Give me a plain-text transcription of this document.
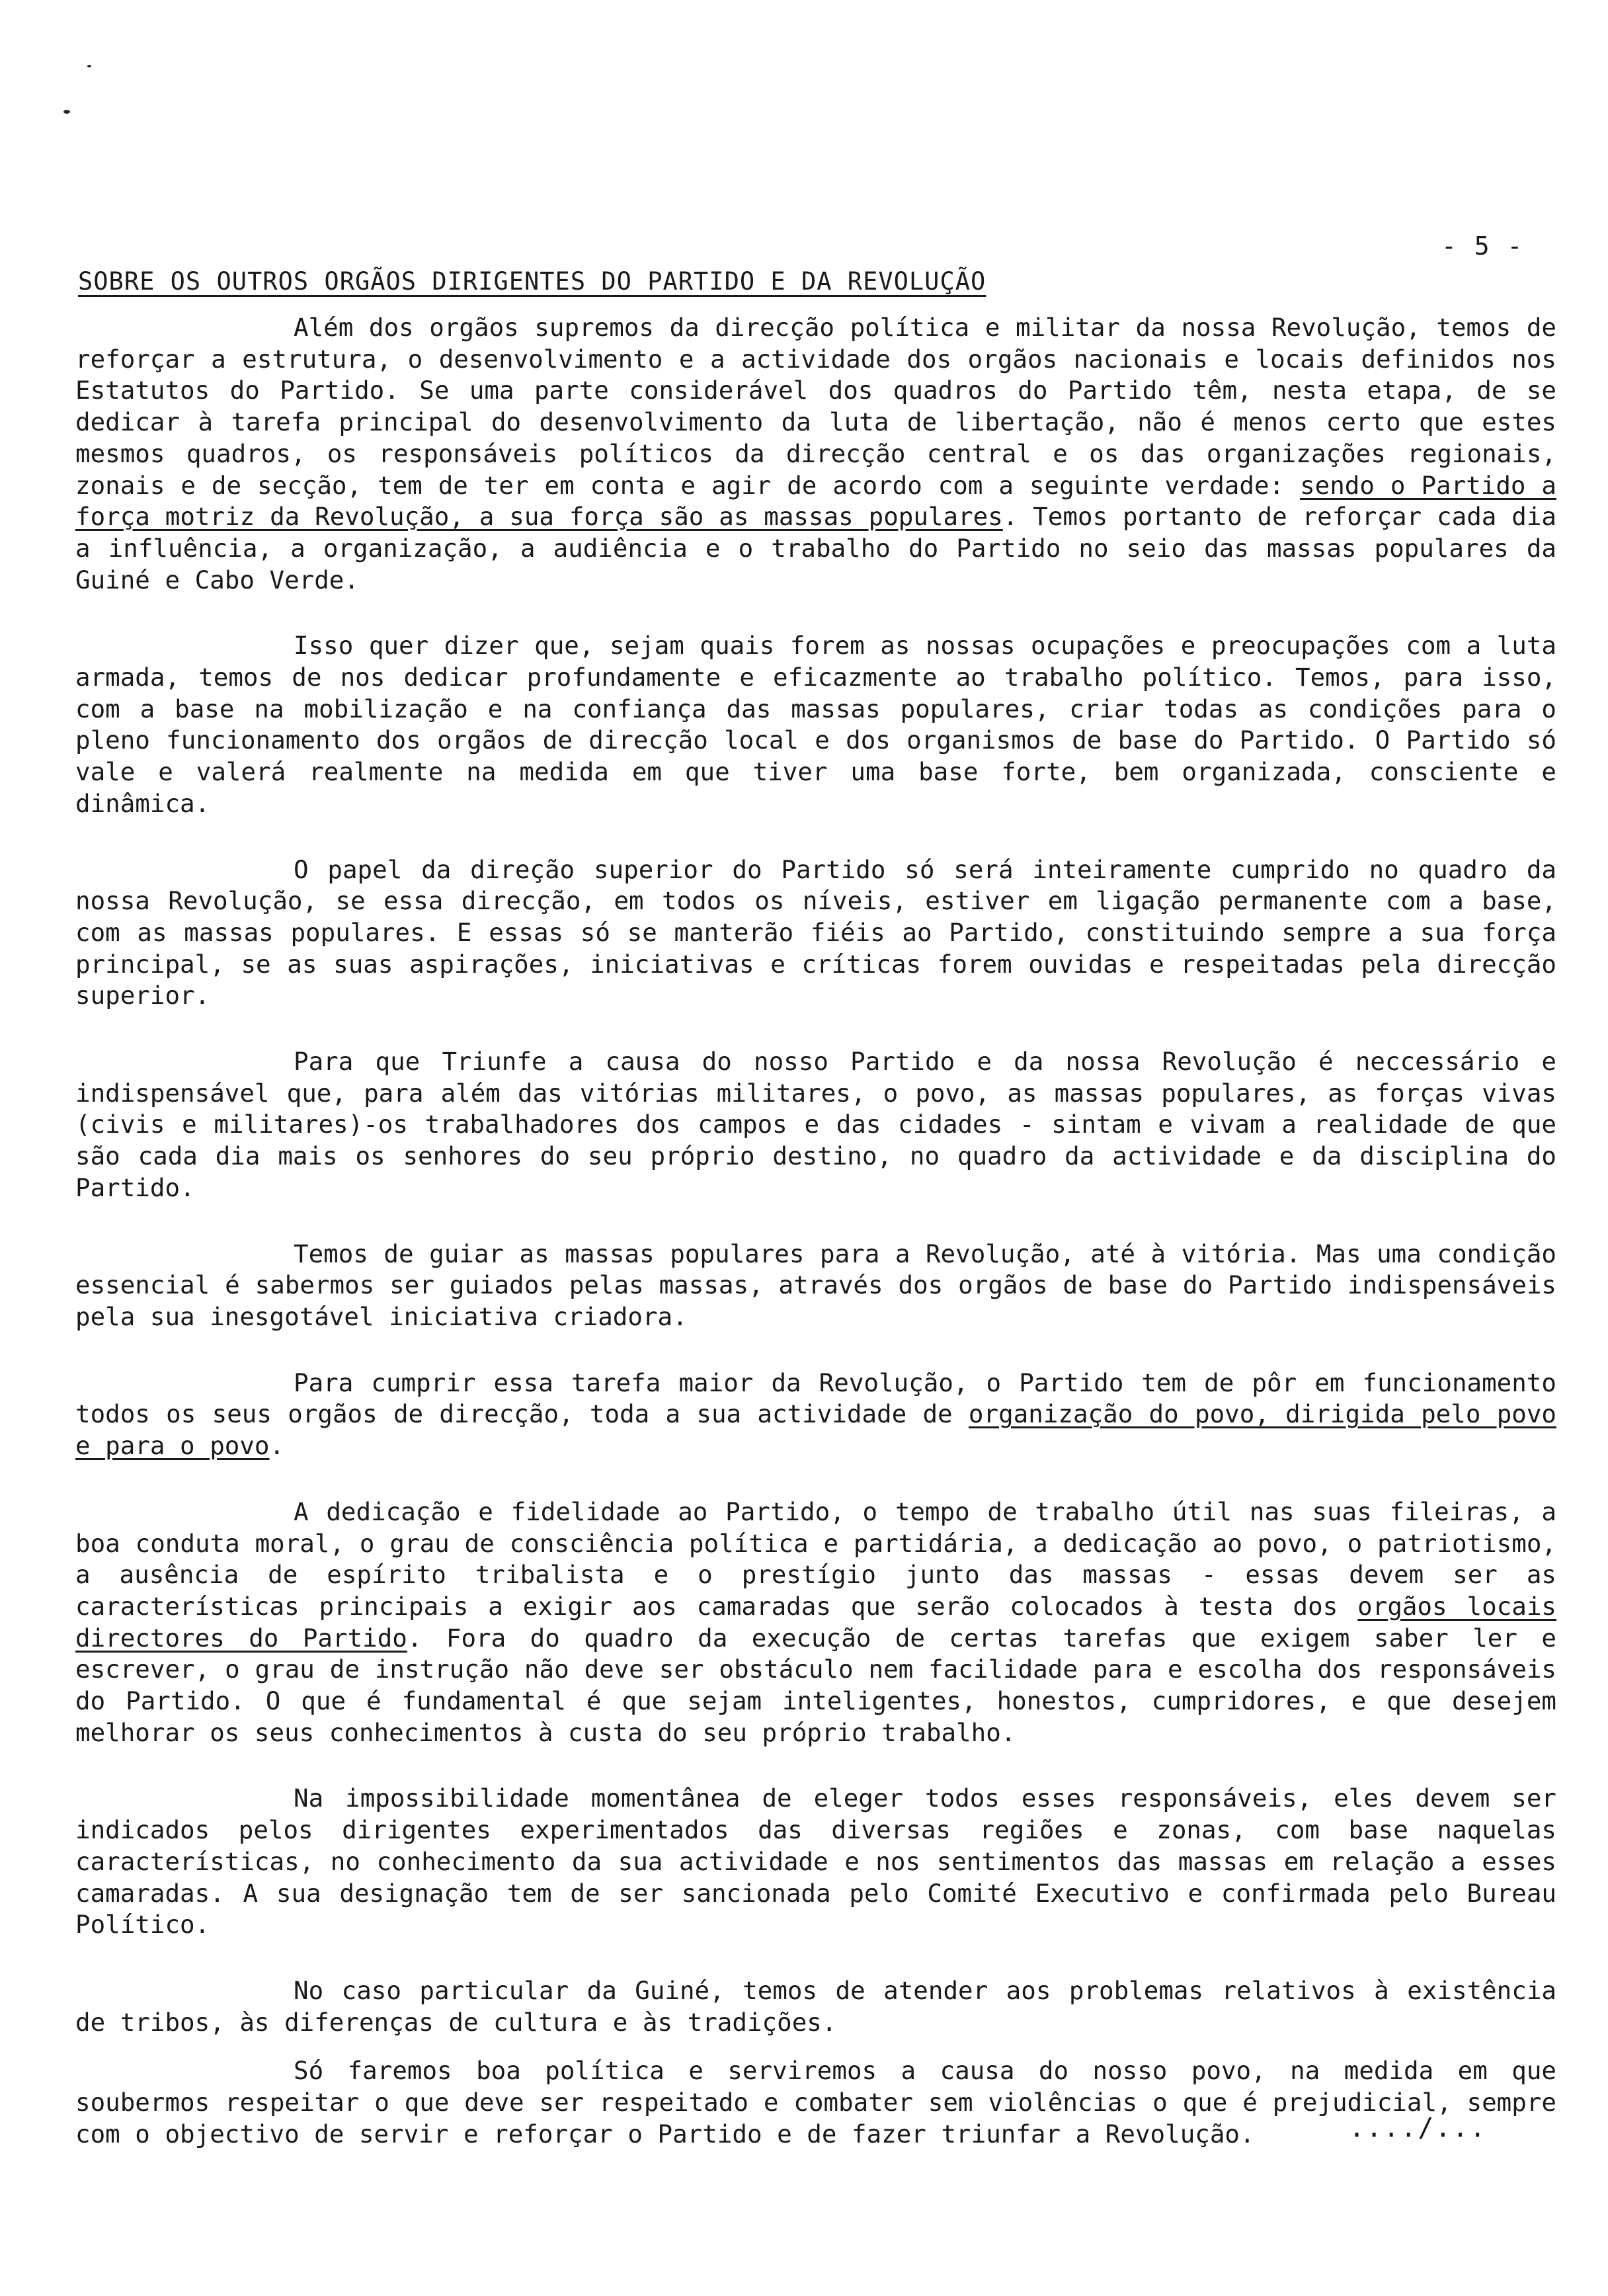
- 5 -
SOBRE OS OUTROS ORGÃOS DIRIGENTES DO PARTIDO E DA REVOLUÇÃO

Além dos orgãos supremos da direcção política e militar da nossa Revolução, temos de reforçar a estrutura, o desenvolvimento e a actividade dos orgãos nacionais e locais definidos nos Estatutos do Partido. Se uma parte considerável dos quadros do Partido têm, nesta etapa, de se dedicar à tarefa principal do desenvolvimento da luta de libertação, não é menos certo que estes mesmos quadros, os responsáveis políticos da direcção central e os das organizações regionais, zonais e de secção, tem de ter em conta e agir de acordo com a seguinte verdade: sendo o Partido a força motriz da Revolução, a sua força são as massas populares. Temos portanto de reforçar cada dia a influência, a organização, a audiência e o trabalho do Partido no seio das massas populares da Guiné e Cabo Verde.

Isso quer dizer que, sejam quais forem as nossas ocupações e preocupações com a luta armada, temos de nos dedicar profundamente e eficazmente ao trabalho político. Temos, para isso, com a base na mobilização e na confiança das massas populares, criar todas as condições para o pleno funcionamento dos orgãos de direcção local e dos organismos de base do Partido. O Partido só vale e valerá realmente na medida em que tiver uma base forte, bem organizada, consciente e dinâmica.

O papel da direção superior do Partido só será inteiramente cumprido no quadro da nossa Revolução, se essa direcção, em todos os níveis, estiver em ligação permanente com a base, com as massas populares. E essas só se manterão fiéis ao Partido, constituindo sempre a sua força principal, se as suas aspirações, iniciativas e críticas forem ouvidas e respeitadas pela direcção superior.

Para que Triunfe a causa do nosso Partido e da nossa Revolução é neccessário e indispensável que, para além das vitórias militares, o povo, as massas populares, as forças vivas (civis e militares)-os trabalhadores dos campos e das cidades - sintam e vivam a realidade de que são cada dia mais os senhores do seu próprio destino, no quadro da actividade e da disciplina do Partido.

Temos de guiar as massas populares para a Revolução, até à vitória. Mas uma condição essencial é sabermos ser guiados pelas massas, através dos orgãos de base do Partido indispensáveis pela sua inesgotável iniciativa criadora.

Para cumprir essa tarefa maior da Revolução, o Partido tem de pôr em funcionamento todos os seus orgãos de direcção, toda a sua actividade de organização do povo, dirigida pelo povo e para o povo.

A dedicação e fidelidade ao Partido, o tempo de trabalho útil nas suas fileiras, a boa conduta moral, o grau de consciência política e partidária, a dedicação ao povo, o patriotismo, a ausência de espírito tribalista e o prestígio junto das massas - essas devem ser as características principais a exigir aos camaradas que serão colocados à testa dos orgãos locais directores do Partido. Fora do quadro da execução de certas tarefas que exigem saber ler e escrever, o grau de instrução não deve ser obstáculo nem facilidade para e escolha dos responsáveis do Partido. O que é fundamental é que sejam inteligentes, honestos, cumpridores, e que desejem melhorar os seus conhecimentos à custa do seu próprio trabalho.

Na impossibilidade momentânea de eleger todos esses responsáveis, eles devem ser indicados pelos dirigentes experimentados das diversas regiões e zonas, com base naquelas características, no conhecimento da sua actividade e nos sentimentos das massas em relação a esses camaradas. A sua designação tem de ser sancionada pelo Comité Executivo e confirmada pelo Bureau Político.

No caso particular da Guiné, temos de atender aos problemas relativos à existência de tribos, às diferenças de cultura e às tradições.

Só faremos boa política e serviremos a causa do nosso povo, na medida em que soubermos respeitar o que deve ser respeitado e combater sem violências o que é prejudicial, sempre com o objectivo de servir e reforçar o Partido e de fazer triunfar a Revolução.	..../...
